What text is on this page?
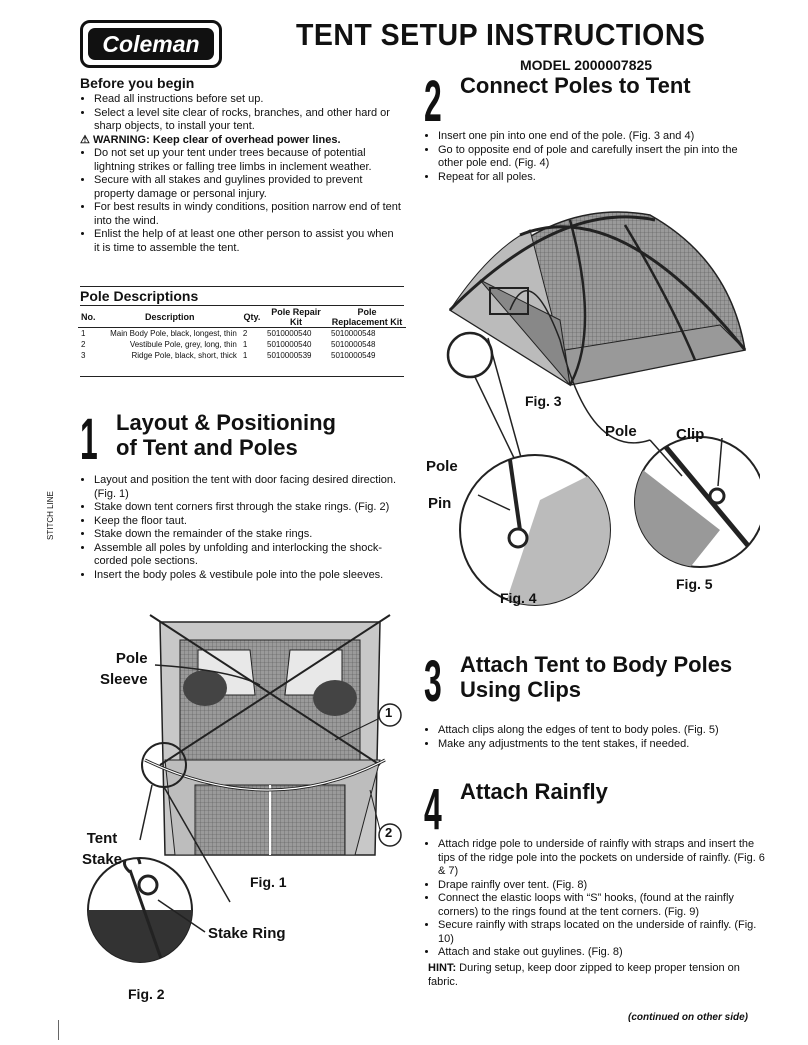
Coleman	TENT SETUP INSTRUCTIONS
MODEL 2000007825
STITCH LINE
Before you begin
• Read all instructions before set up.
• Select a level site clear of rocks, branches, and other hard or sharp objects, to install your tent.
⚠ WARNING: Keep clear of overhead power lines.
• Do not set up your tent under trees because of potential lightning strikes or falling tree limbs in inclement weather.
• Secure with all stakes and guylines provided to prevent property damage or personal injury.
• For best results in windy conditions, position narrow end of tent into the wind.
• Enlist the help of at least one other person to assist you when it is time to assemble the tent.
Pole Descriptions
No.	Description	Qty.	Pole Repair Kit	Pole Replacement Kit
1	Main Body Pole, black, longest, thin	2	5010000540	5010000548
2	Vestibule Pole, grey, long, thin	1	5010000540	5010000548
3	Ridge Pole, black, short, thick	1	5010000539	5010000549
1 Layout & Positioning
of Tent and Poles
• Layout and position the tent with door facing desired direction. (Fig. 1)
• Stake down tent corners first through the stake rings. (Fig. 2)
• Keep the floor taut.
• Stake down the remainder of the stake rings.
• Assemble all poles by unfolding and interlocking the shock-corded pole sections.
• Insert the body poles & vestibule pole into the pole sleeves.
Pole
Sleeve
1
2
Tent
Stake
Fig. 1
Stake Ring
Fig. 2
2 Connect Poles to Tent
• Insert one pin into one end of the pole. (Fig. 3 and 4)
• Go to opposite end of pole and carefully insert the pin into the other pole end. (Fig. 4)
• Repeat for all poles.
Fig. 3
Pole	Clip
Pole
Pin
Fig. 5
Fig. 4
3 Attach Tent to Body Poles
Using Clips
• Attach clips along the edges of tent to body poles. (Fig. 5)
• Make any adjustments to the tent stakes, if needed.
4 Attach Rainfly
• Attach ridge pole to underside of rainfly with straps and insert the tips of the ridge pole into the pockets on underside of rainfly. (Fig. 6 & 7)
• Drape rainfly over tent. (Fig. 8)
• Connect the elastic loops with “S” hooks, (found at the rainfly corners) to the rings found at the tent corners. (Fig. 9)
• Secure rainfly with straps located on the underside of rainfly. (Fig. 10)
• Attach and stake out guylines. (Fig. 8)
HINT: During setup, keep door zipped to keep proper tension on fabric.
(continued on other side)
